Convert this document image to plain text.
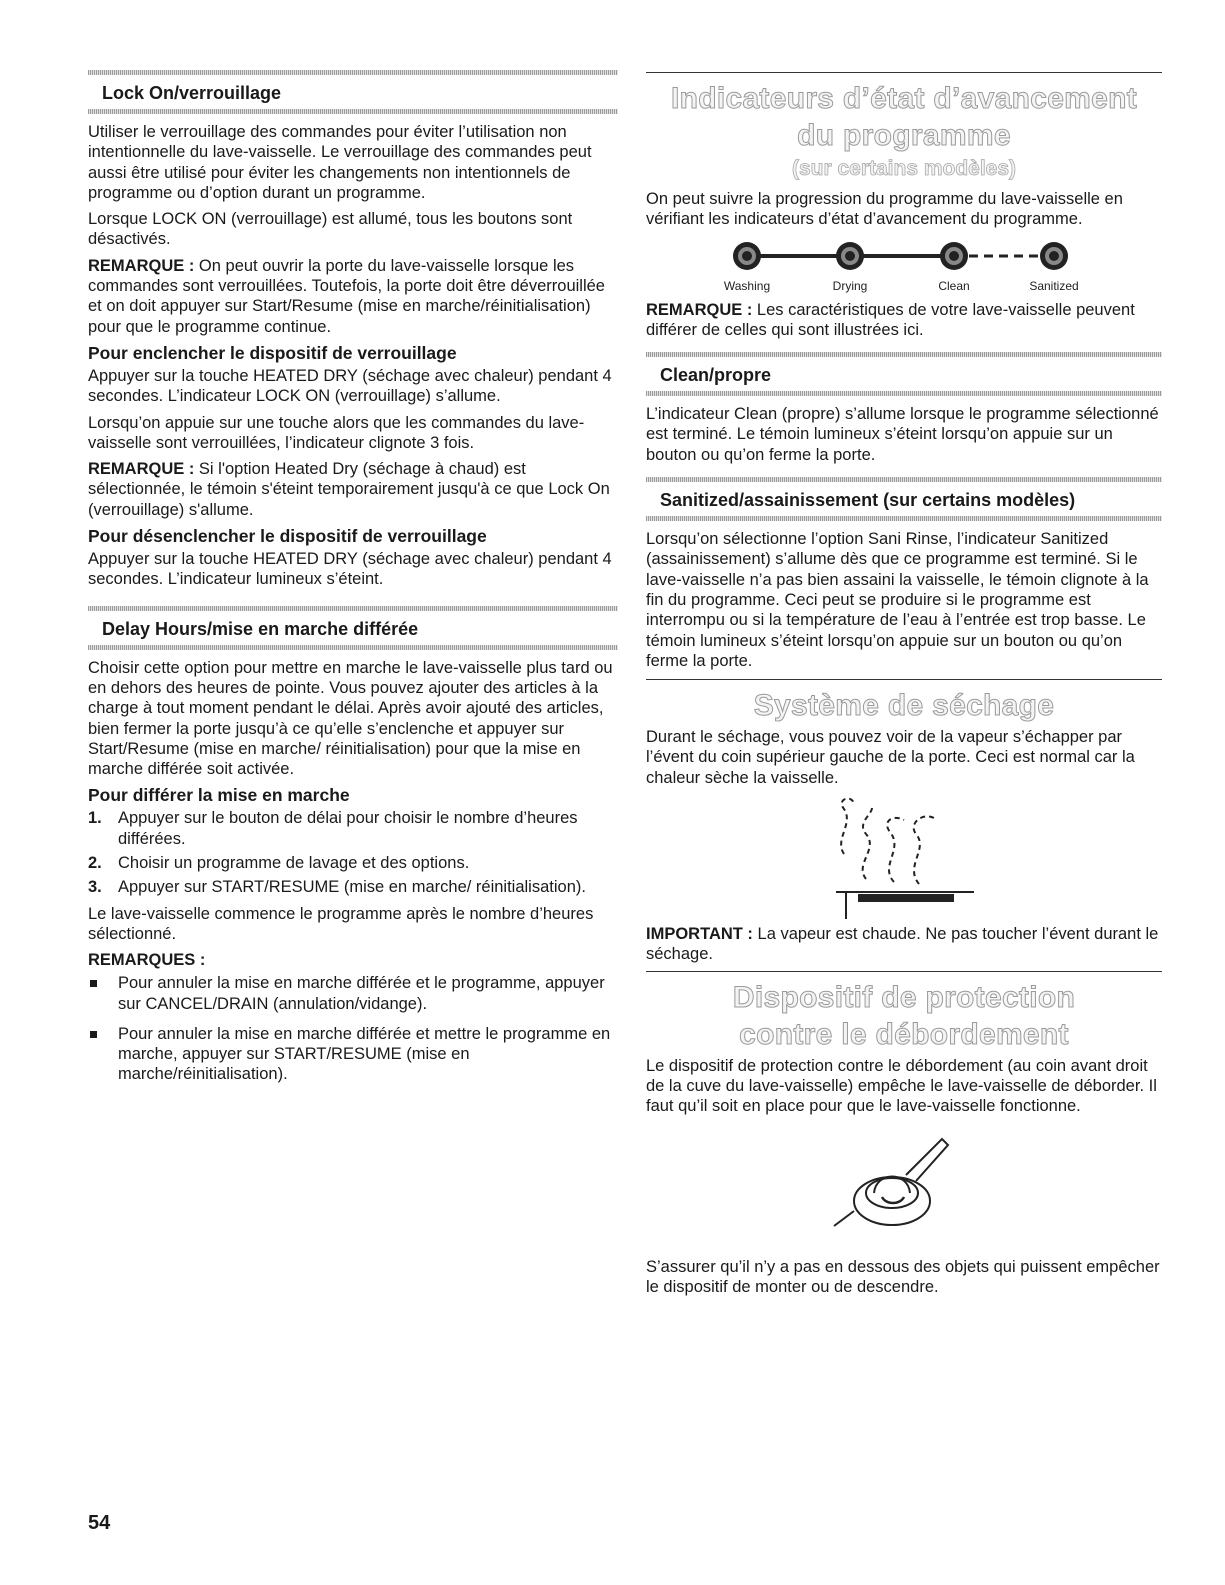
Lock On/verrouillage

Utiliser le verrouillage des commandes pour éviter l’utilisation non intentionnelle du lave-vaisselle. Le verrouillage des commandes peut aussi être utilisé pour éviter les changements non intentionnels de programme ou d’option durant un programme.

Lorsque LOCK ON (verrouillage) est allumé, tous les boutons sont désactivés.

REMARQUE : On peut ouvrir la porte du lave-vaisselle lorsque les commandes sont verrouillées. Toutefois, la porte doit être déverrouillée et on doit appuyer sur Start/Resume (mise en marche/réinitialisation) pour que le programme continue.

Pour enclencher le dispositif de verrouillage

Appuyer sur la touche HEATED DRY (séchage avec chaleur) pendant 4 secondes. L’indicateur LOCK ON (verrouillage) s’allume.

Lorsqu’on appuie sur une touche alors que les commandes du lave-vaisselle sont verrouillées, l’indicateur clignote 3 fois.

REMARQUE : Si l'option Heated Dry (séchage à chaud) est sélectionnée, le témoin s'éteint temporairement jusqu'à ce que Lock On (verrouillage) s'allume.

Pour désenclencher le dispositif de verrouillage

Appuyer sur la touche HEATED DRY (séchage avec chaleur) pendant 4 secondes. L’indicateur lumineux s’éteint.

Delay Hours/mise en marche différée

Choisir cette option pour mettre en marche le lave-vaisselle plus tard ou en dehors des heures de pointe. Vous pouvez ajouter des articles à la charge à tout moment pendant le délai. Après avoir ajouté des articles, bien fermer la porte jusqu’à ce qu’elle s’enclenche et appuyer sur Start/Resume (mise en marche/ réinitialisation) pour que la mise en marche différée soit activée.

Pour différer la mise en marche
1. Appuyer sur le bouton de délai pour choisir le nombre d’heures différées.
2. Choisir un programme de lavage et des options.
3. Appuyer sur START/RESUME (mise en marche/ réinitialisation).

Le lave-vaisselle commence le programme après le nombre d’heures sélectionné.

REMARQUES :
Pour annuler la mise en marche différée et le programme, appuyer sur CANCEL/DRAIN (annulation/vidange).
Pour annuler la mise en marche différée et mettre le programme en marche, appuyer sur START/RESUME (mise en marche/réinitialisation).
Indicateurs d’état d’avancement
du programme
(sur certains modèles)

On peut suivre la progression du programme du lave-vaisselle en vérifiant les indicateurs d’état d’avancement du programme.

Washing	Drying	Clean	Sanitized

REMARQUE : Les caractéristiques de votre lave-vaisselle peuvent différer de celles qui sont illustrées ici.

Clean/propre

L’indicateur Clean (propre) s’allume lorsque le programme sélectionné est terminé. Le témoin lumineux s’éteint lorsqu’on appuie sur un bouton ou qu’on ferme la porte.

Sanitized/assainissement (sur certains modèles)

Lorsqu’on sélectionne l’option Sani Rinse, l’indicateur Sanitized (assainissement) s’allume dès que ce programme est terminé. Si le lave-vaisselle n’a pas bien assaini la vaisselle, le témoin clignote à la fin du programme. Ceci peut se produire si le programme est interrompu ou si la température de l’eau à l’entrée est trop basse. Le témoin lumineux s’éteint lorsqu’on appuie sur un bouton ou qu’on ferme la porte.

Système de séchage

Durant le séchage, vous pouvez voir de la vapeur s’échapper par l’évent du coin supérieur gauche de la porte. Ceci est normal car la chaleur sèche la vaisselle.

IMPORTANT : La vapeur est chaude. Ne pas toucher l’évent durant le séchage.

Dispositif de protection
contre le débordement

Le dispositif de protection contre le débordement (au coin avant droit de la cuve du lave-vaisselle) empêche le lave-vaisselle de déborder. Il faut qu’il soit en place pour que le lave-vaisselle fonctionne.

S’assurer qu’il n’y a pas en dessous des objets qui puissent empêcher le dispositif de monter ou de descendre.

54
